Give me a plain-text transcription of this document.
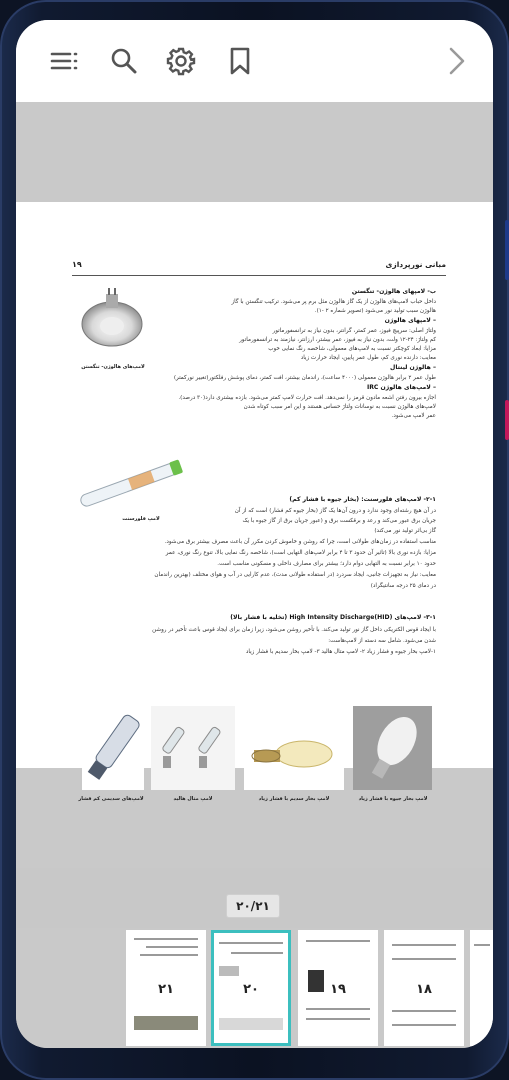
مبانی نورپردازی
۱۹
لامپ‌های هالوژن- تنگستن
ب- لامپهای هالوژن- تنگستن
داخل حباب لامپ‌های هالوژن از یک گاز هالوژن مثل برم پر می‌شود. ترکیب تنگستن با گاز
هالوژن سبب تولید نور می‌شود (تصویر شماره ۲ -۱).
– لامپهای هالوژن
ولتاژ اصلی: سرپیچ فیوز، عمر کمتر، گرانتر، بدون نیاز به ترانسفورماتور
کم ولتاژ: ۲۴-۱۲ ولت، بدون نیاز به فیوز، عمر بیشتر، ارزانتر، نیازمند به ترانسفورماتور
مزایا: ابعاد کوچکتر نسبت به لامپ‌های معمولی، شاخصه رنگ نمایی خوب
معایب: دارنده نوری کم، طول عمر پایین، ایجاد حرارت زیاد
– هالوژن لینتال
طول عمر ۲ برابر هالوژن معمولی (۴۰۰۰ ساعت)، راندمان بیشتر، افت کمتر، دمای پوشش رفلکتور(تغییر نورکمتر)
– لامپ‌های هالوژن IRC
اجازه بیرون رفتن اشعه مادون قرمز را نمی‌دهد. افت حرارت لامپ کمتر می‌شود. بازده بیشتری دارد(۳۰ درصد).
لامپ‌های هالوژن نسبت به نوسانات ولتاژ حساس هستند و این امر سبب کوتاه شدن
عمر لامپ می‌شود.
لامپ فلورسنت
۲-۱- لامپ‌های فلورسنت: (بخار جیوه با فشار کم)
در آن هیچ رشته‌ای وجود ندارد و درون آن‌ها یک گاز (بخار جیوه کم فشار) است که از آن
جریان برق عبور می‌کند و رعد و برقکست برق و (عبور جریان برق از گاز جیوه با یک
گاز بی‌اثر تولید نور می‌کند)
مناسب استفاده در زمان‌های طولانی است، چرا که روشن و خاموش کردن مکرر آن باعث مصرف بیشتر برق می‌شود.
مزایا: بازده نوری بالا (تاثیر آن حدود ۳ تا ۴ برابر لامپ‌های التهابی است)، شاخصه رنگ نمایی بالا، تنوع رنگ نوری، عمر
حدود ۱۰ برابر نسبت به التهابی دوام دارد؛ بیشتر برای مصارف داخلی و مسکونی مناسب است.
معایب: نیاز به تجهیزات جانبی، ایجاد سردرد (در استفاده طولانی مدت)، عدم کارایی در آب و هوای مختلف (بهترین راندمان
در دمای ۲۵ درجه سانتیگراد)
۳-۱- لامپ‌های High Intensity Discharge(HID) (تخلیه با فشار بالا)
با ایجاد قوس الکتریکی داخل گاز نور تولید می‌کند. با تأخیر روشن می‌شود، زیرا زمان برای ایجاد قوس باعث تأخیر در روشن
شدن می‌شود. شامل سه دسته از لامپ‌هاست:
۱-لامپ بخار جیوه و فشار زیاد ۲- لامپ متال هالید ۳- لامپ بخار سدیم با فشار زیاد
لامپ بخار جیوه با فشار زیاد
لامپ بخار سدیم با فشار زیاد
لامپ متال هالید
لامپ‌های سدیمی کم فشار
۲۰/۲۱
۲۱	۲۰	۱۹	۱۸
